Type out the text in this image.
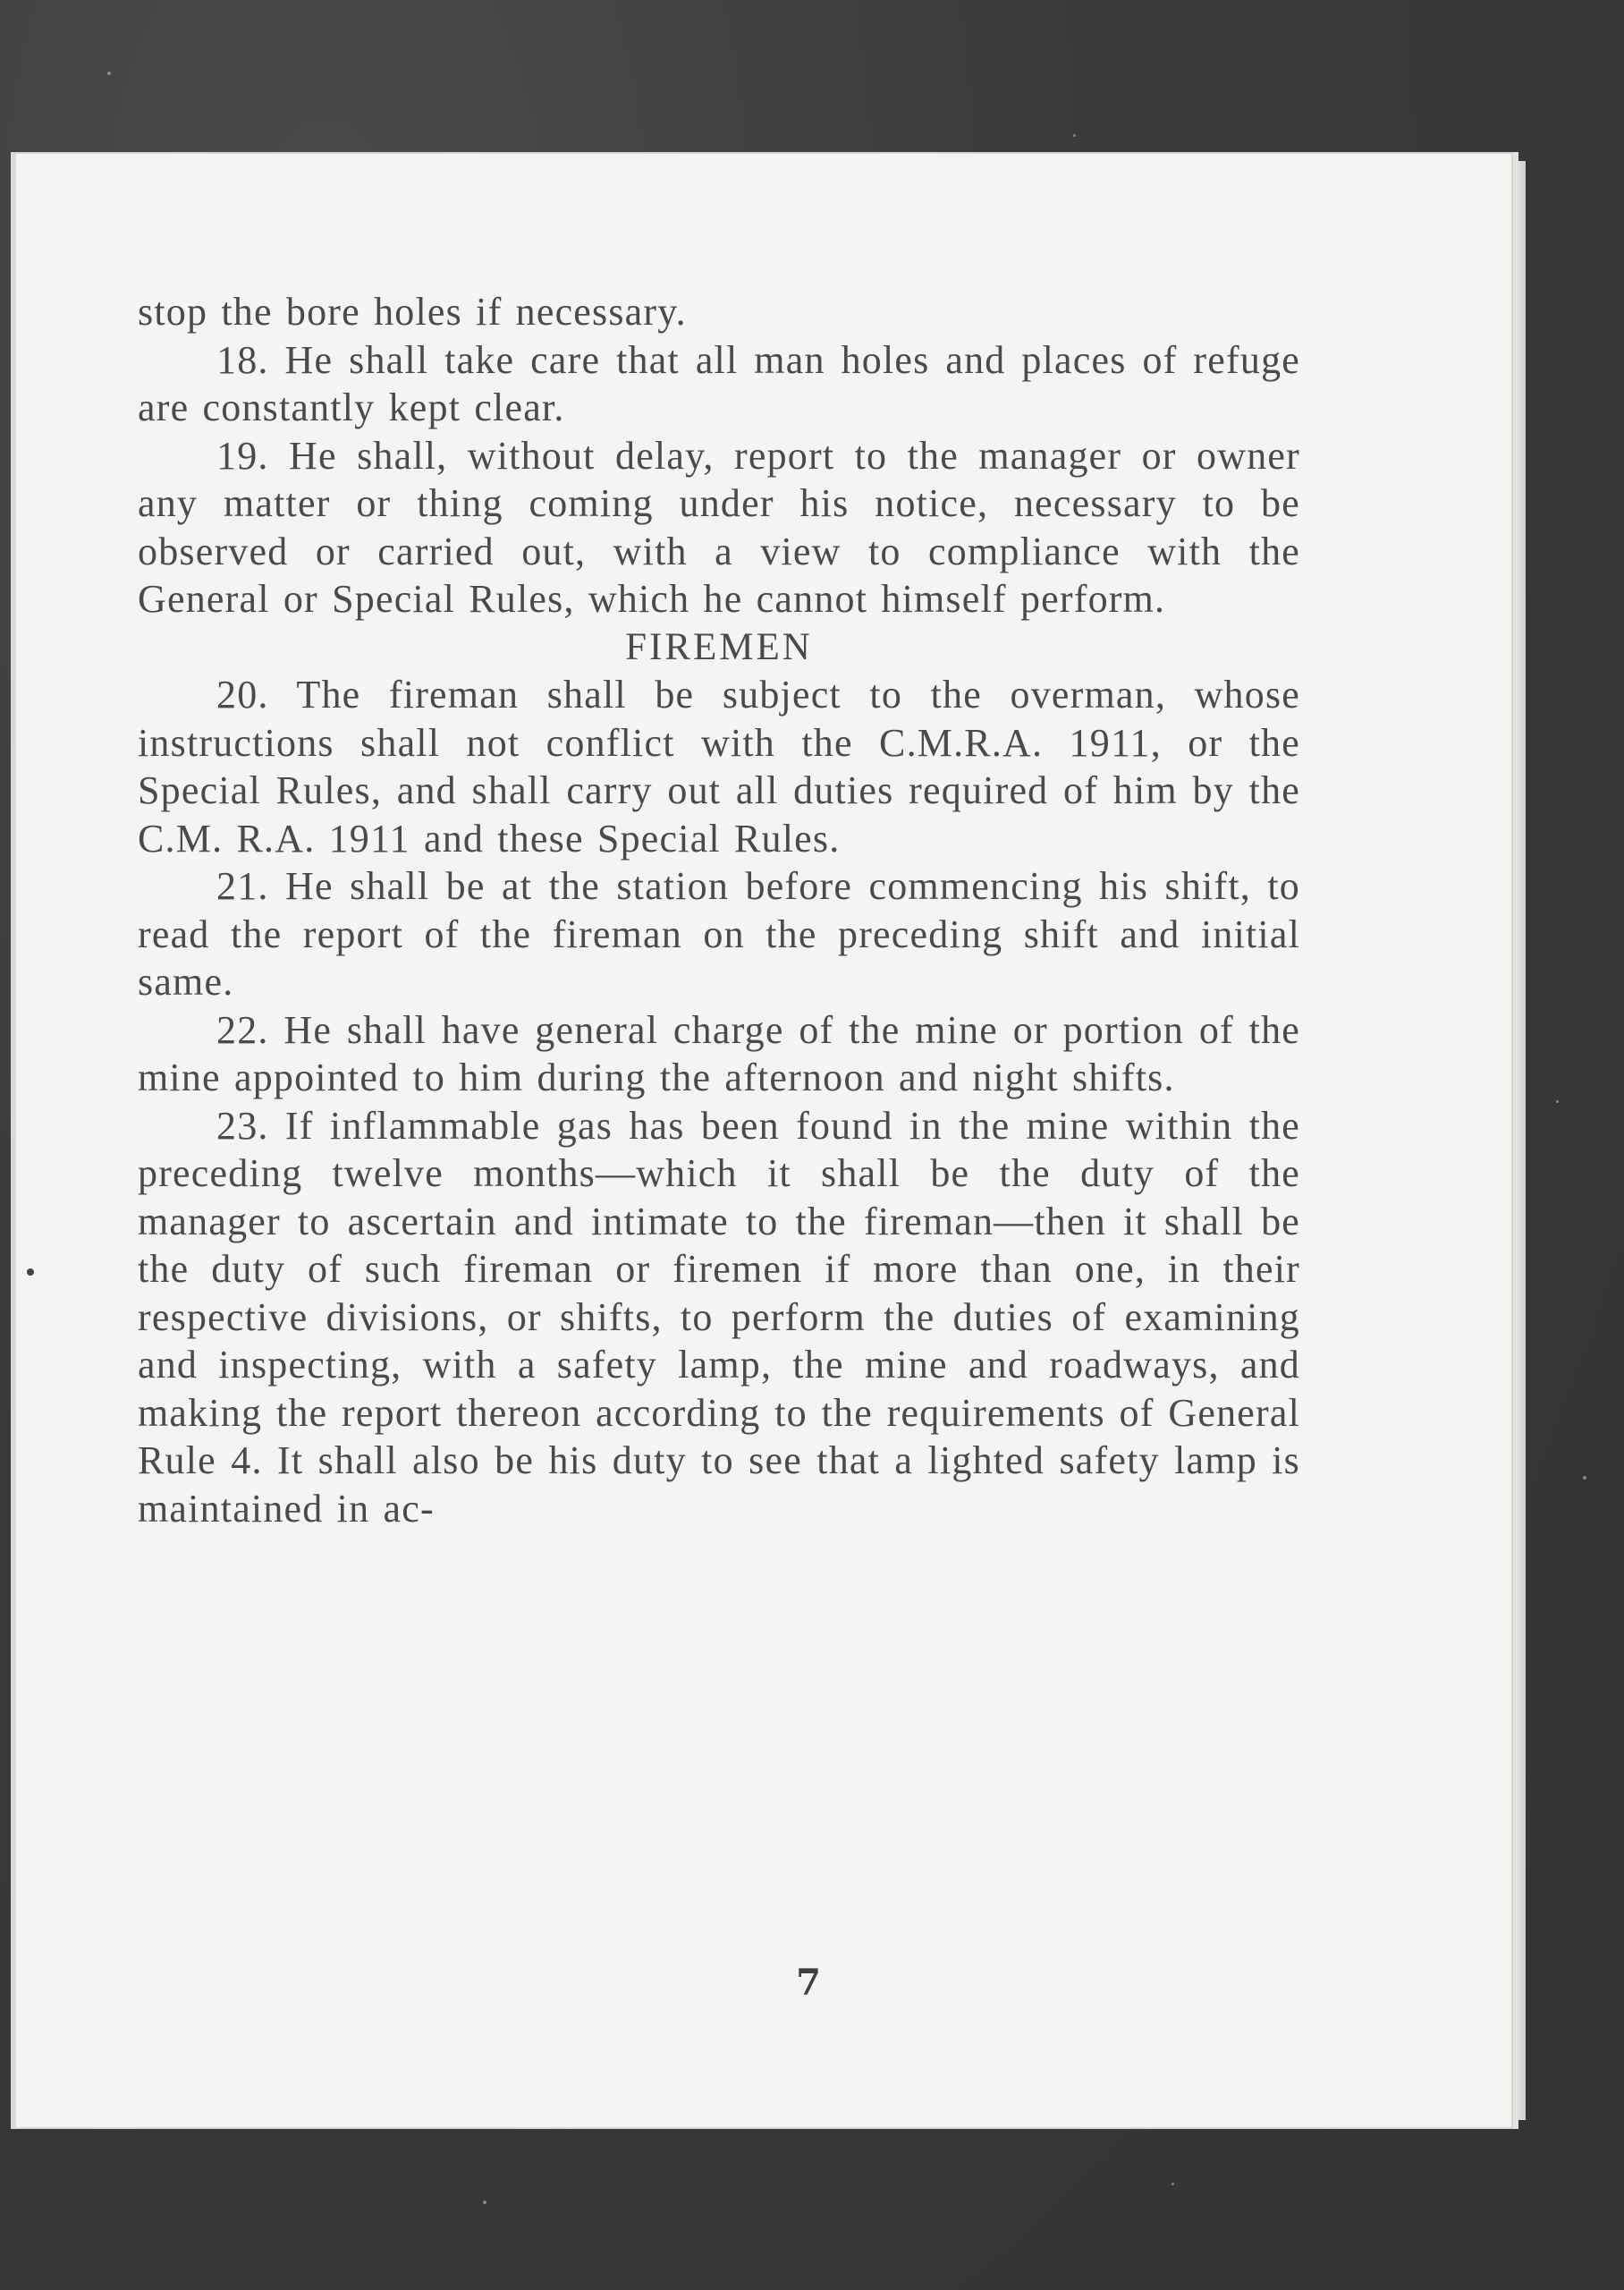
stop the bore holes if necessary.

18. He shall take care that all man holes and places of refuge are constantly kept clear.

19. He shall, without delay, report to the manager or owner any matter or thing coming under his notice, necessary to be observed or carried out, with a view to compliance with the General or Special Rules, which he cannot himself perform.

FIREMEN

20. The fireman shall be subject to the overman, whose instructions shall not conflict with the C.M.R.A. 1911, or the Special Rules, and shall carry out all duties required of him by the C.M. R.A. 1911 and these Special Rules.

21. He shall be at the station before commencing his shift, to read the report of the fireman on the preceding shift and initial same.

22. He shall have general charge of the mine or portion of the mine appointed to him during the afternoon and night shifts.

23. If inflammable gas has been found in the mine within the preceding twelve months—which it shall be the duty of the manager to ascertain and intimate to the fireman—then it shall be the duty of such fireman or firemen if more than one, in their respective divisions, or shifts, to perform the duties of examining and inspecting, with a safety lamp, the mine and roadways, and making the report thereon according to the requirements of General Rule 4. It shall also be his duty to see that a lighted safety lamp is maintained in ac-

7
